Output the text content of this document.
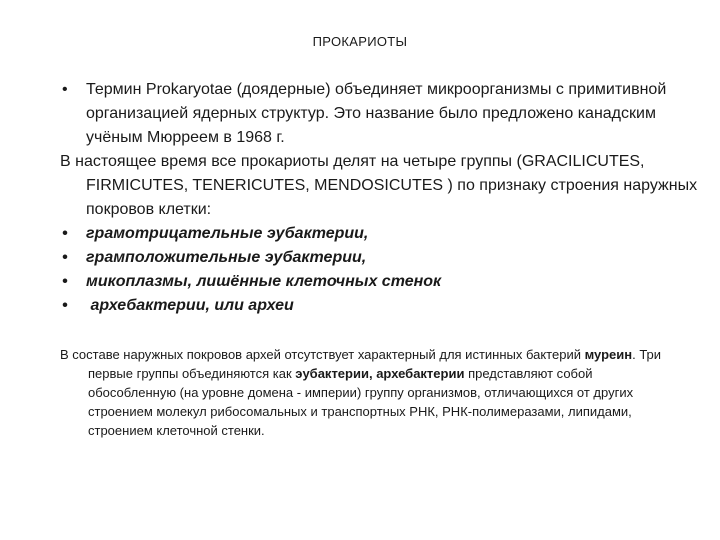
ПРОКАРИОТЫ
• Термин Prokaryotae (доядерные) объединяет микроорганизмы с примитивной организацией ядерных структур. Это название было предложено канадским учёным Мюрреем в 1968 г.
В настоящее время все прокариоты делят на четыре группы (GRACILICUTES, FIRMICUTES, TENERICUTES, MENDOSICUTES ) по признаку строения наружных покровов клетки:
• грамотрицательные эубактерии,
• грамположительные эубактерии,
• микоплазмы, лишённые клеточных стенок
• архебактерии, или археи
В составе наружных покровов архей отсутствует характерный для истинных бактерий муреин. Три первые группы объединяются как эубактерии, архебактерии представляют собой обособленную (на уровне домена - империи) группу организмов, отличающихся от других строением молекул рибосомальных и транспортных РНК, РНК-полимеразами, липидами, строением клеточной стенки.
